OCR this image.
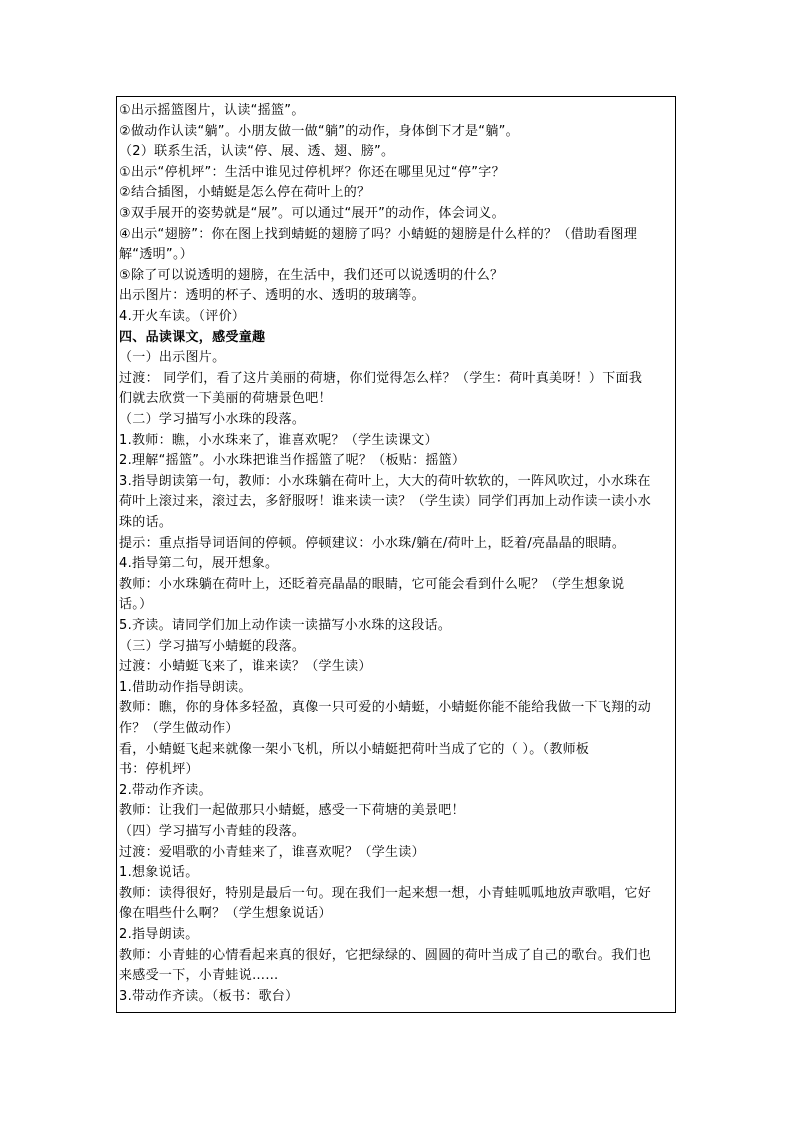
①出示摇篮图片，认读“摇篮”。
②做动作认读“躺”。小朋友做一做“躺”的动作，身体倒下才是“躺”。
（2）联系生活，认读“停、展、透、翅、膀”。
①出示“停机坪”：生活中谁见过停机坪？你还在哪里见过“停”字？
②结合插图，小蜻蜓是怎么停在荷叶上的？
③双手展开的姿势就是“展”。可以通过“展开”的动作，体会词义。
④出示“翅膀”：你在图上找到蜻蜓的翅膀了吗？小蜻蜓的翅膀是什么样的？（借助看图理
解“透明”。）
⑤除了可以说透明的翅膀，在生活中，我们还可以说透明的什么？
出示图片：透明的杯子、透明的水、透明的玻璃等。
4.开火车读。（评价）
四、品读课文，感受童趣
（一）出示图片。
过渡： 同学们，看了这片美丽的荷塘，你们觉得怎么样？（学生：荷叶真美呀！）下面我
们就去欣赏一下美丽的荷塘景色吧！
（二）学习描写小水珠的段落。
1.教师：瞧，小水珠来了，谁喜欢呢？（学生读课文）
2.理解“摇篮”。小水珠把谁当作摇篮了呢？（板贴：摇篮）
3.指导朗读第一句，教师：小水珠躺在荷叶上，大大的荷叶软软的，一阵风吹过，小水珠在
荷叶上滚过来，滚过去，多舒服呀！谁来读一读？（学生读）同学们再加上动作读一读小水
珠的话。
提示：重点指导词语间的停顿。停顿建议：小水珠/躺在/荷叶上，眨着/亮晶晶的眼睛。
4.指导第二句，展开想象。
教师：小水珠躺在荷叶上，还眨着亮晶晶的眼睛，它可能会看到什么呢？（学生想象说
话。）
5.齐读。请同学们加上动作读一读描写小水珠的这段话。
（三）学习描写小蜻蜓的段落。
过渡：小蜻蜓飞来了，谁来读？（学生读）
1.借助动作指导朗读。
教师：瞧，你的身体多轻盈，真像一只可爱的小蜻蜓，小蜻蜓你能不能给我做一下飞翔的动
作？（学生做动作）
看，小蜻蜓飞起来就像一架小飞机，所以小蜻蜓把荷叶当成了它的（ ）。（教师板
书：停机坪）
2.带动作齐读。
教师：让我们一起做那只小蜻蜓，感受一下荷塘的美景吧！
（四）学习描写小青蛙的段落。
过渡：爱唱歌的小青蛙来了，谁喜欢呢？（学生读）
1.想象说话。
教师：读得很好，特别是最后一句。现在我们一起来想一想，小青蛙呱呱地放声歌唱，它好
像在唱些什么啊？（学生想象说话）
2.指导朗读。
教师：小青蛙的心情看起来真的很好，它把绿绿的、圆圆的荷叶当成了自己的歌台。我们也
来感受一下，小青蛙说……
3.带动作齐读。（板书：歌台）
